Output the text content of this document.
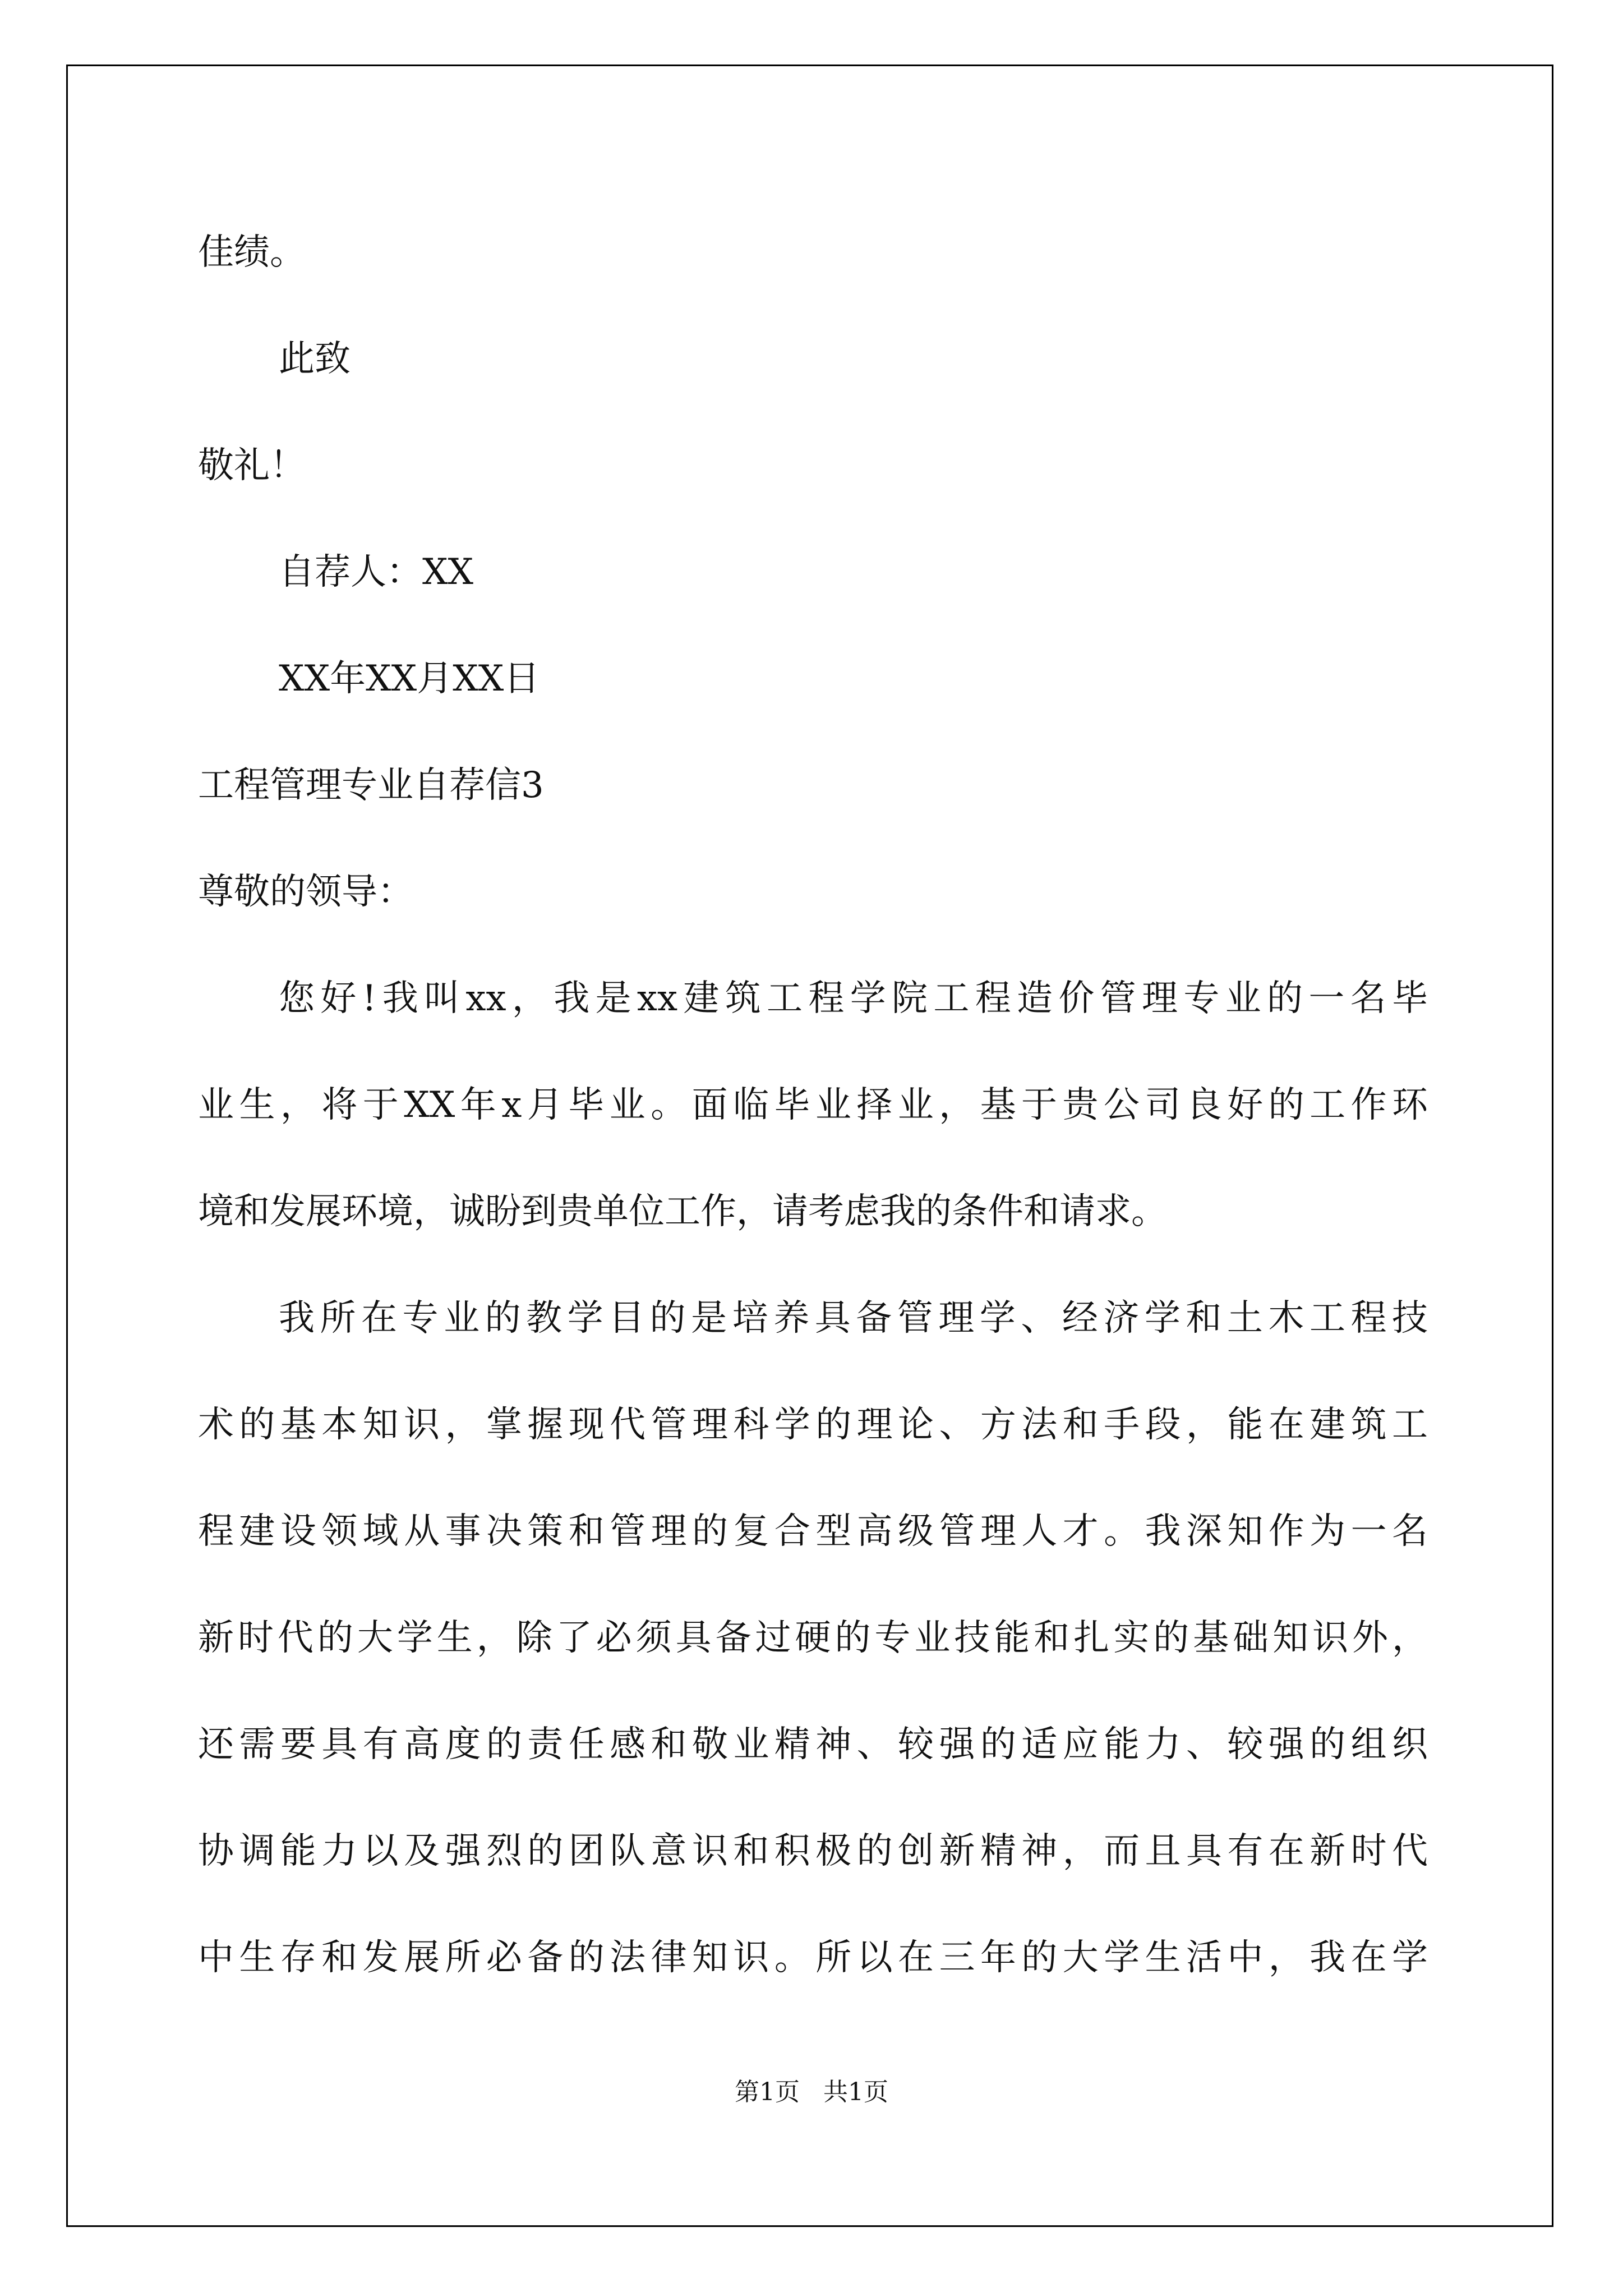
佳绩。
此致
敬礼！
自荐人：XX
XX年XX月XX日
工程管理专业自荐信3
尊敬的领导：
您好!我叫xx，我是xx建筑工程学院工程造价管理专业的一名毕
业生，将于XX年x月毕业。面临毕业择业，基于贵公司良好的工作环
境和发展环境，诚盼到贵单位工作，请考虑我的条件和请求。
我所在专业的教学目的是培养具备管理学、经济学和土木工程技
术的基本知识，掌握现代管理科学的理论、方法和手段，能在建筑工
程建设领域从事决策和管理的复合型高级管理人才。我深知作为一名
新时代的大学生，除了必须具备过硬的专业技能和扎实的基础知识外，
还需要具有高度的责任感和敬业精神、较强的适应能力、较强的组织
协调能力以及强烈的团队意识和积极的创新精神，而且具有在新时代
中生存和发展所必备的法律知识。所以在三年的大学生活中，我在学
第1页   共1页
